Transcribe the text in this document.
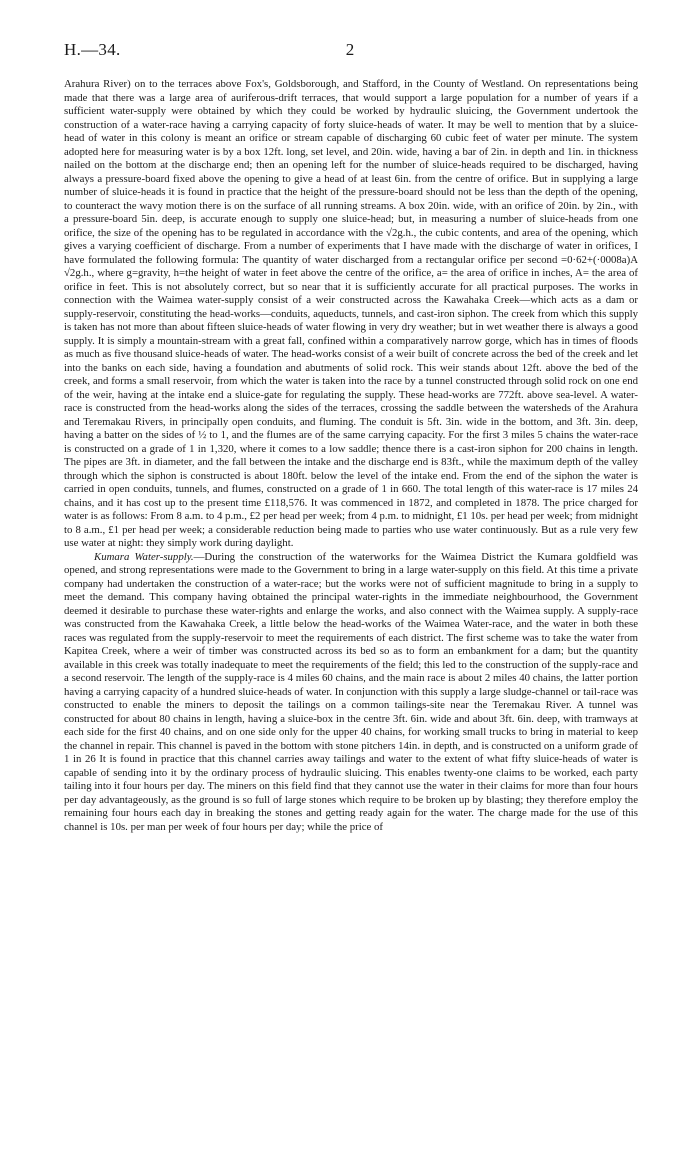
H.—34.	2

Arahura River) on to the terraces above Fox's, Goldsborough, and Stafford, in the County of Westland. On representations being made that there was a large area of auriferous-drift terraces, that would support a large population for a number of years if a sufficient water-supply were obtained by which they could be worked by hydraulic sluicing, the Government undertook the construction of a water-race having a carrying capacity of forty sluice-heads of water. It may be well to mention that by a sluice-head of water in this colony is meant an orifice or stream capable of discharging 60 cubic feet of water per minute. The system adopted here for measuring water is by a box 12ft. long, set level, and 20in. wide, having a bar of 2in. in depth and 1in. in thickness nailed on the bottom at the discharge end; then an opening left for the number of sluice-heads required to be discharged, having always a pressure-board fixed above the opening to give a head of at least 6in. from the centre of orifice. But in supplying a large number of sluice-heads it is found in practice that the height of the pressure-board should not be less than the depth of the opening, to counteract the wavy motion there is on the surface of all running streams. A box 20in. wide, with an orifice of 20in. by 2in., with a pressure-board 5in. deep, is accurate enough to supply one sluice-head; but, in measuring a number of sluice-heads from one orifice, the size of the opening has to be regulated in accordance with the √2g.h., the cubic contents, and area of the opening, which gives a varying coefficient of discharge. From a number of experiments that I have made with the discharge of water in orifices, I have formulated the following formula: The quantity of water discharged from a rectangular orifice per second =0·62+(·0008a)A √2g.h., where g=gravity, h=the height of water in feet above the centre of the orifice, a= the area of orifice in inches, A= the area of orifice in feet. This is not absolutely correct, but so near that it is sufficiently accurate for all practical purposes. The works in connection with the Waimea water-supply consist of a weir constructed across the Kawahaka Creek—which acts as a dam or supply-reservoir, constituting the head-works—conduits, aqueducts, tunnels, and cast-iron siphon. The creek from which this supply is taken has not more than about fifteen sluice-heads of water flowing in very dry weather; but in wet weather there is always a good supply. It is simply a mountain-stream with a great fall, confined within a comparatively narrow gorge, which has in times of floods as much as five thousand sluice-heads of water. The head-works consist of a weir built of concrete across the bed of the creek and let into the banks on each side, having a foundation and abutments of solid rock. This weir stands about 12ft. above the bed of the creek, and forms a small reservoir, from which the water is taken into the race by a tunnel constructed through solid rock on one end of the weir, having at the intake end a sluice-gate for regulating the supply. These head-works are 772ft. above sea-level. A water-race is constructed from the head-works along the sides of the terraces, crossing the saddle between the watersheds of the Arahura and Teremakau Rivers, in principally open conduits, and fluming. The conduit is 5ft. 3in. wide in the bottom, and 3ft. 3in. deep, having a batter on the sides of ½ to 1, and the flumes are of the same carrying capacity. For the first 3 miles 5 chains the water-race is constructed on a grade of 1 in 1,320, where it comes to a low saddle; thence there is a cast-iron siphon for 200 chains in length. The pipes are 3ft. in diameter, and the fall between the intake and the discharge end is 83ft., while the maximum depth of the valley through which the siphon is constructed is about 180ft. below the level of the intake end. From the end of the siphon the water is carried in open conduits, tunnels, and flumes, constructed on a grade of 1 in 660. The total length of this water-race is 17 miles 24 chains, and it has cost up to the present time £118,576. It was commenced in 1872, and completed in 1878. The price charged for water is as follows: From 8 a.m. to 4 p.m., £2 per head per week; from 4 p.m. to midnight, £1 10s. per head per week; from midnight to 8 a.m., £1 per head per week; a considerable reduction being made to parties who use water continuously. But as a rule very few use water at night: they simply work during daylight.

Kumara Water-supply.—During the construction of the waterworks for the Waimea District the Kumara goldfield was opened, and strong representations were made to the Government to bring in a large water-supply on this field. At this time a private company had undertaken the construction of a water-race; but the works were not of sufficient magnitude to bring in a supply to meet the demand. This company having obtained the principal water-rights in the immediate neighbourhood, the Government deemed it desirable to purchase these water-rights and enlarge the works, and also connect with the Waimea supply. A supply-race was constructed from the Kawahaka Creek, a little below the head-works of the Waimea Water-race, and the water in both these races was regulated from the supply-reservoir to meet the requirements of each district. The first scheme was to take the water from Kapitea Creek, where a weir of timber was constructed across its bed so as to form an embankment for a dam; but the quantity available in this creek was totally inadequate to meet the requirements of the field; this led to the construction of the supply-race and a second reservoir. The length of the supply-race is 4 miles 60 chains, and the main race is about 2 miles 40 chains, the latter portion having a carrying capacity of a hundred sluice-heads of water. In conjunction with this supply a large sludge-channel or tail-race was constructed to enable the miners to deposit the tailings on a common tailings-site near the Teremakau River. A tunnel was constructed for about 80 chains in length, having a sluice-box in the centre 3ft. 6in. wide and about 3ft. 6in. deep, with tramways at each side for the first 40 chains, and on one side only for the upper 40 chains, for working small trucks to bring in material to keep the channel in repair. This channel is paved in the bottom with stone pitchers 14in. in depth, and is constructed on a uniform grade of 1 in 26 It is found in practice that this channel carries away tailings and water to the extent of what fifty sluice-heads of water is capable of sending into it by the ordinary process of hydraulic sluicing. This enables twenty-one claims to be worked, each party tailing into it four hours per day. The miners on this field find that they cannot use the water in their claims for more than four hours per day advantageously, as the ground is so full of large stones which require to be broken up by blasting; they therefore employ the remaining four hours each day in breaking the stones and getting ready again for the water. The charge made for the use of this channel is 10s. per man per week of four hours per day; while the price of
